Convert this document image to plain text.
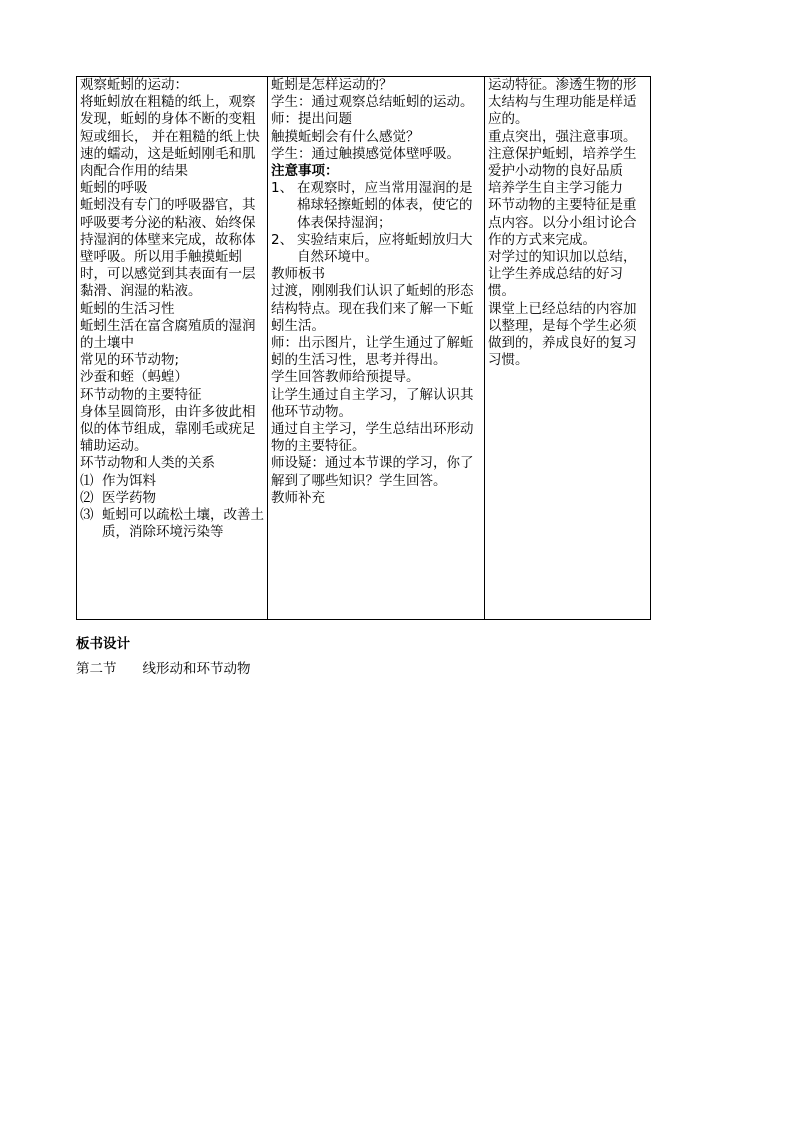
观察蚯蚓的运动：
将蚯蚓放在粗糙的纸上，观察发现，蚯蚓的身体不断的变粗短或细长， 并在粗糙的纸上快速的蠕动，这是蚯蚓刚毛和肌肉配合作用的结果
蚯蚓的呼吸
蚯蚓没有专门的呼吸器官，其呼吸要考分泌的粘液、始终保持湿润的体壁来完成，故称体壁呼吸。所以用手触摸蚯蚓时，可以感觉到其表面有一层黏滑、润湿的粘液。
蚯蚓的生活习性
蚯蚓生活在富含腐殖质的湿润的土壤中
常见的环节动物;
沙蚕和蛭（蚂蝗）
环节动物的主要特征
身体呈圆筒形，由许多彼此相似的体节组成，靠刚毛或疣足辅助运动。
环节动物和人类的关系
⑴ 作为饵料
⑵ 医学药物
⑶ 蚯蚓可以疏松土壤，改善土质，消除环境污染等
蚯蚓是怎样运动的？
学生：通过观察总结蚯蚓的运动。
师：提出问题
触摸蚯蚓会有什么感觉？
学生：通过触摸感觉体壁呼吸。
注意事项：
1、 在观察时，应当常用湿润的是棉球轻擦蚯蚓的体表，使它的体表保持湿润；
2、 实验结束后，应将蚯蚓放归大自然环境中。
教师板书
过渡，刚刚我们认识了蚯蚓的形态结构特点。现在我们来了解一下蚯蚓生活。
师：出示图片，让学生通过了解蚯蚓的生活习性，思考并得出。
学生回答教师给预提导。
让学生通过自主学习，了解认识其他环节动物。
通过自主学习，学生总结出环形动物的主要特征。
师设疑：通过本节课的学习，你了解到了哪些知识？学生回答。
教师补充
运动特征。渗透生物的形太结构与生理功能是样适应的。
重点突出，强注意事项。注意保护蚯蚓，培养学生爱护小动物的良好品质
培养学生自主学习能力
环节动物的主要特征是重点内容。以分小组讨论合作的方式来完成。
对学过的知识加以总结，让学生养成总结的好习惯。
课堂上已经总结的内容加以整理，是每个学生必须做到的，养成良好的复习习惯。
板书设计
第二节 线形动和环节动物
